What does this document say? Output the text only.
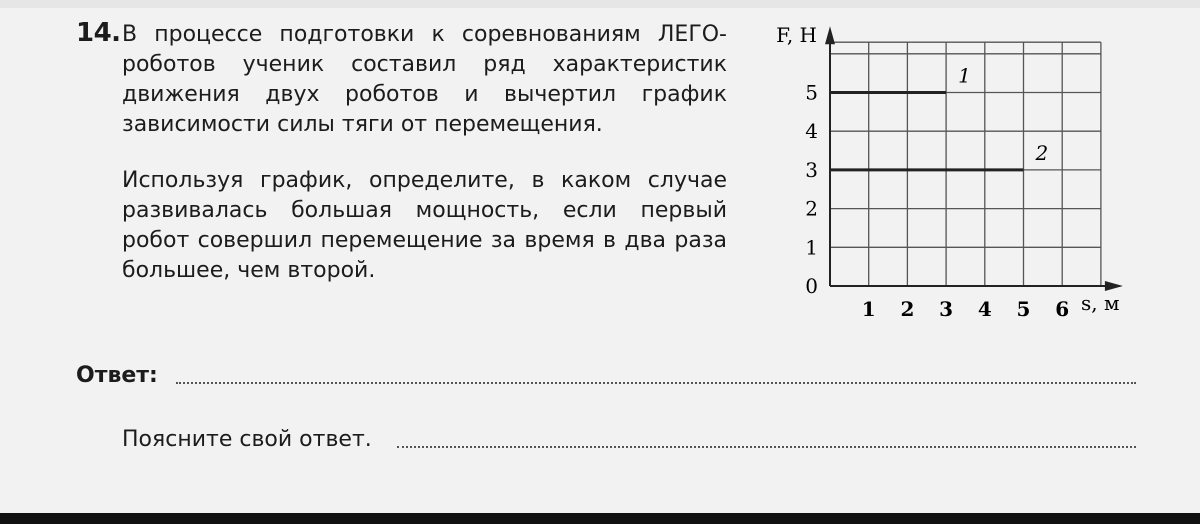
14. В процессе подготовки к соревнованиям ЛЕГО-роботов ученик составил ряд характеристик движения двух роботов и вычертил график зависимости силы тяги от перемещения.
Используя график, определите, в каком случае развивалась большая мощность, если первый робот совершил перемещение за время в два раза большее, чем второй.
1
2
1 2 3 4 5 6
0
1
2
3
4
5
F, Н
s, м
Ответ:
Поясните свой ответ.
